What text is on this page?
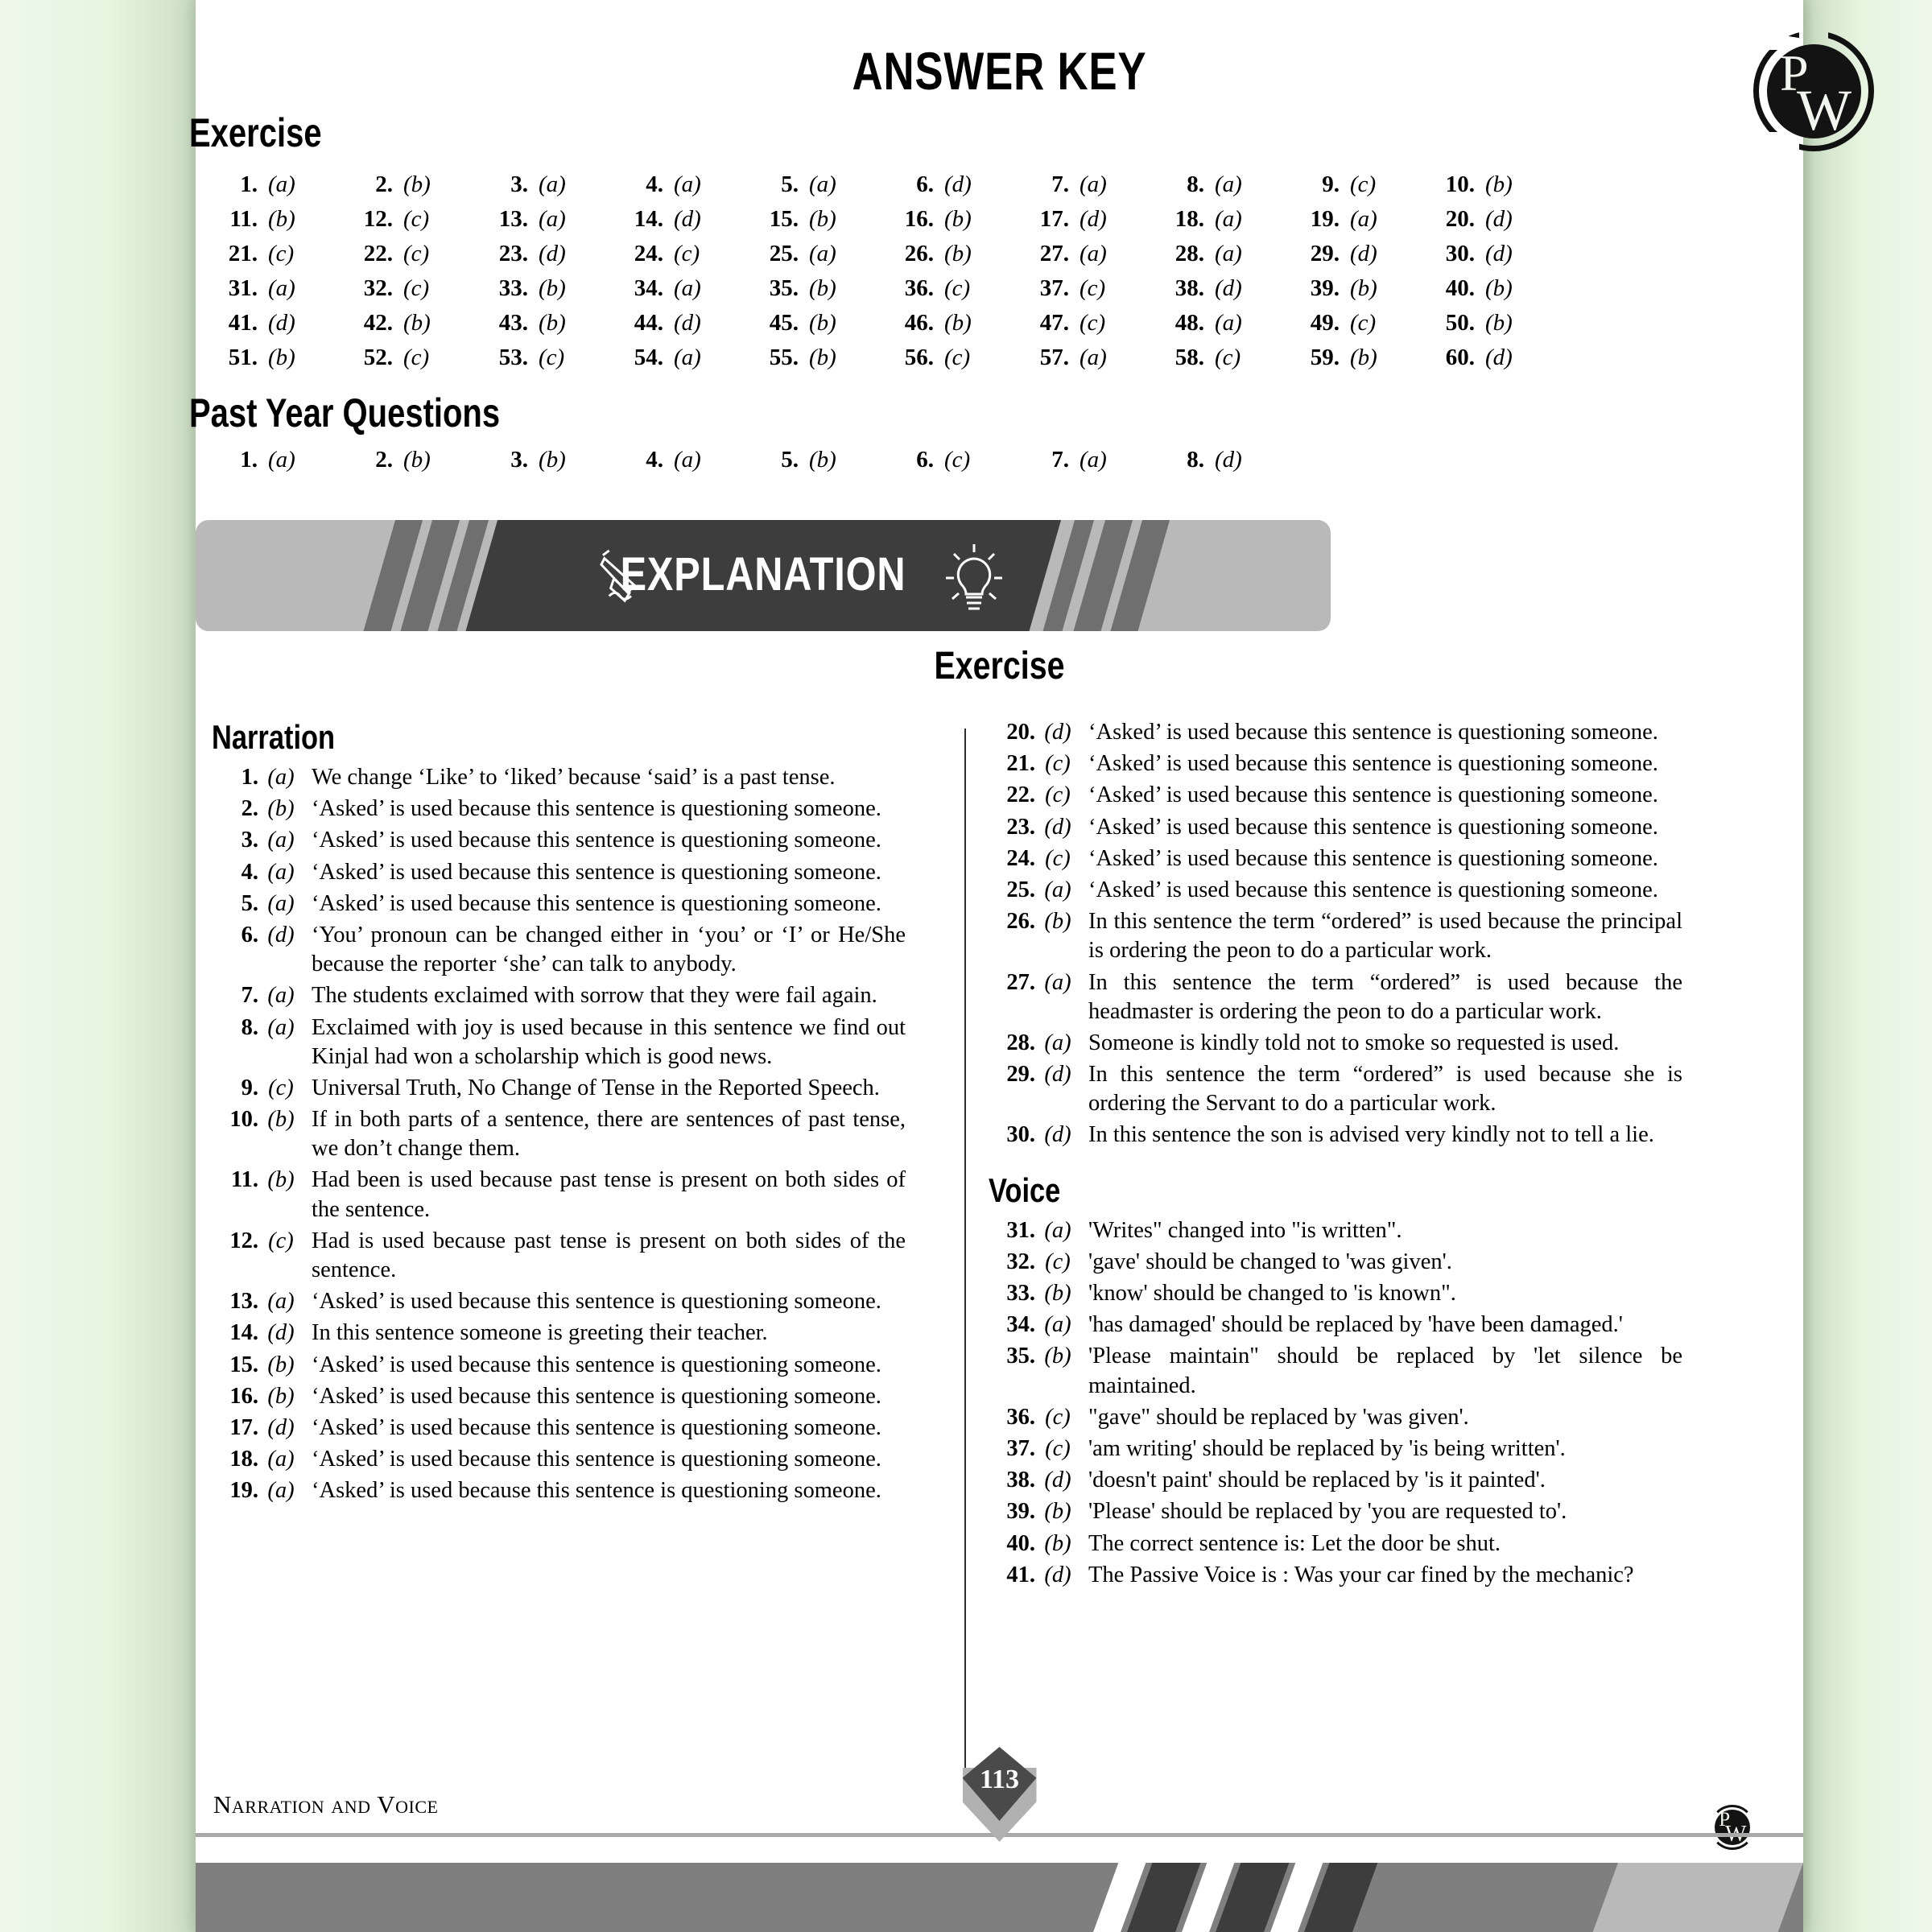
P
W
ANSWER KEY
Exercise
1. (a)	2. (b)	3. (a)	4. (a)	5. (a)	6. (d)	7. (a)	8. (a)	9. (c)	10. (b)
11. (b)	12. (c)	13. (a)	14. (d)	15. (b)	16. (b)	17. (d)	18. (a)	19. (a)	20. (d)
21. (c)	22. (c)	23. (d)	24. (c)	25. (a)	26. (b)	27. (a)	28. (a)	29. (d)	30. (d)
31. (a)	32. (c)	33. (b)	34. (a)	35. (b)	36. (c)	37. (c)	38. (d)	39. (b)	40. (b)
41. (d)	42. (b)	43. (b)	44. (d)	45. (b)	46. (b)	47. (c)	48. (a)	49. (c)	50. (b)
51. (b)	52. (c)	53. (c)	54. (a)	55. (b)	56. (c)	57. (a)	58. (c)	59. (b)	60. (d)
Past Year Questions
1. (a)	2. (b)	3. (b)	4. (a)	5. (b)	6. (c)	7. (a)	8. (d)
EXPLANATION
Exercise
Narration
1. (a) We change ‘Like’ to ‘liked’ because ‘said’ is a past tense.
2. (b) ‘Asked’ is used because this sentence is questioning someone.
3. (a) ‘Asked’ is used because this sentence is questioning someone.
4. (a) ‘Asked’ is used because this sentence is questioning someone.
5. (a) ‘Asked’ is used because this sentence is questioning someone.
6. (d) ‘You’ pronoun can be changed either in ‘you’ or ‘I’ or He/She because the reporter ‘she’ can talk to anybody.
7. (a) The students exclaimed with sorrow that they were fail again.
8. (a) Exclaimed with joy is used because in this sentence we find out Kinjal had won a scholarship which is good news.
9. (c) Universal Truth, No Change of Tense in the Reported Speech.
10. (b) If in both parts of a sentence, there are sentences of past tense, we don’t change them.
11. (b) Had been is used because past tense is present on both sides of the sentence.
12. (c) Had is used because past tense is present on both sides of the sentence.
13. (a) ‘Asked’ is used because this sentence is questioning someone.
14. (d) In this sentence someone is greeting their teacher.
15. (b) ‘Asked’ is used because this sentence is questioning someone.
16. (b) ‘Asked’ is used because this sentence is questioning someone.
17. (d) ‘Asked’ is used because this sentence is questioning someone.
18. (a) ‘Asked’ is used because this sentence is questioning someone.
19. (a) ‘Asked’ is used because this sentence is questioning someone.
20. (d) ‘Asked’ is used because this sentence is questioning someone.
21. (c) ‘Asked’ is used because this sentence is questioning someone.
22. (c) ‘Asked’ is used because this sentence is questioning someone.
23. (d) ‘Asked’ is used because this sentence is questioning someone.
24. (c) ‘Asked’ is used because this sentence is questioning someone.
25. (a) ‘Asked’ is used because this sentence is questioning someone.
26. (b) In this sentence the term “ordered” is used because the principal is ordering the peon to do a particular work.
27. (a) In this sentence the term “ordered” is used because the headmaster is ordering the peon to do a particular work.
28. (a) Someone is kindly told not to smoke so requested is used.
29. (d) In this sentence the term “ordered” is used because she is ordering the Servant to do a particular work.
30. (d) In this sentence the son is advised very kindly not to tell a lie.
Voice
31. (a) 'Writes" changed into "is written".
32. (c) 'gave' should be changed to 'was given'.
33. (b) 'know' should be changed to 'is known".
34. (a) 'has damaged' should be replaced by 'have been damaged.'
35. (b) 'Please maintain" should be replaced by 'let silence be maintained.
36. (c) "gave" should be replaced by 'was given'.
37. (c) 'am writing' should be replaced by 'is being written'.
38. (d) 'doesn't paint' should be replaced by 'is it painted'.
39. (b) 'Please' should be replaced by 'you are requested to'.
40. (b) The correct sentence is: Let the door be shut.
41. (d) The Passive Voice is : Was your car fined by the mechanic?
Narration and Voice
P
113
